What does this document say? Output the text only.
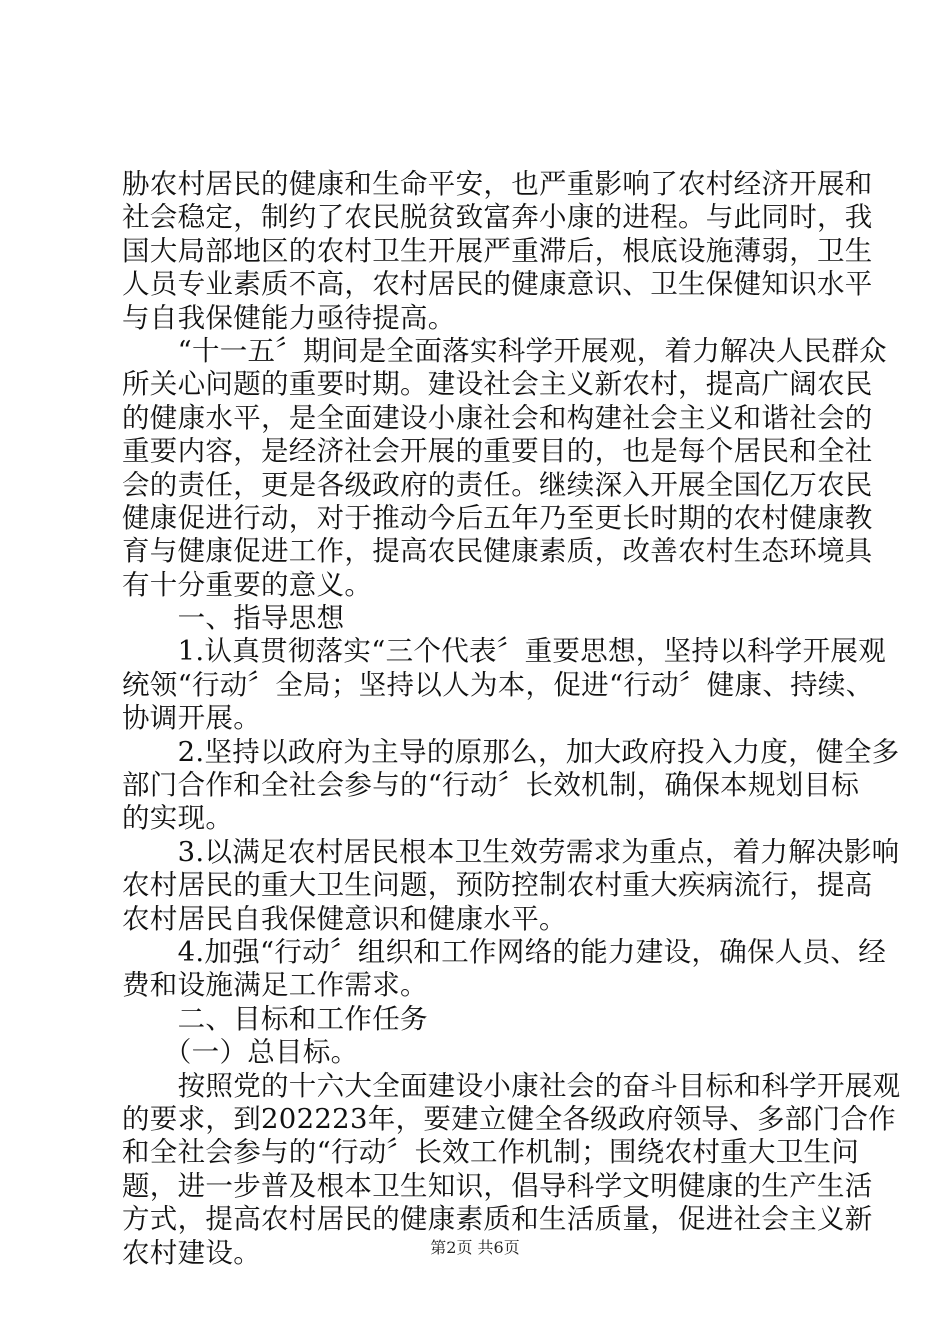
胁农村居民的健康和生命平安，也严重影响了农村经济开展和
社会稳定，制约了农民脱贫致富奔小康的进程。与此同时，我
国大局部地区的农村卫生开展严重滞后，根底设施薄弱，卫生
人员专业素质不高，农村居民的健康意识、卫生保健知识水平
与自我保健能力亟待提高。
　　“十一五〞期间是全面落实科学开展观，着力解决人民群众
所关心问题的重要时期。建设社会主义新农村，提高广阔农民
的健康水平，是全面建设小康社会和构建社会主义和谐社会的
重要内容，是经济社会开展的重要目的，也是每个居民和全社
会的责任，更是各级政府的责任。继续深入开展全国亿万农民
健康促进行动，对于推动今后五年乃至更长时期的农村健康教
育与健康促进工作，提高农民健康素质，改善农村生态环境具
有十分重要的意义。
　　一、指导思想
　　1.认真贯彻落实“三个代表〞重要思想，坚持以科学开展观
统领“行动〞全局；坚持以人为本，促进“行动〞健康、持续、
协调开展。
　　2.坚持以政府为主导的原那么，加大政府投入力度，健全多
部门合作和全社会参与的“行动〞长效机制，确保本规划目标
的实现。
　　3.以满足农村居民根本卫生效劳需求为重点，着力解决影响
农村居民的重大卫生问题，预防控制农村重大疾病流行，提高
农村居民自我保健意识和健康水平。
　　4.加强“行动〞组织和工作网络的能力建设，确保人员、经
费和设施满足工作需求。
　　二、目标和工作任务
　　（一）总目标。
　　按照党的十六大全面建设小康社会的奋斗目标和科学开展观
的要求，到202223年，要建立健全各级政府领导、多部门合作
和全社会参与的“行动〞长效工作机制；围绕农村重大卫生问
题，进一步普及根本卫生知识，倡导科学文明健康的生产生活
方式，提高农村居民的健康素质和生活质量，促进社会主义新
农村建设。	第2页 共6页
